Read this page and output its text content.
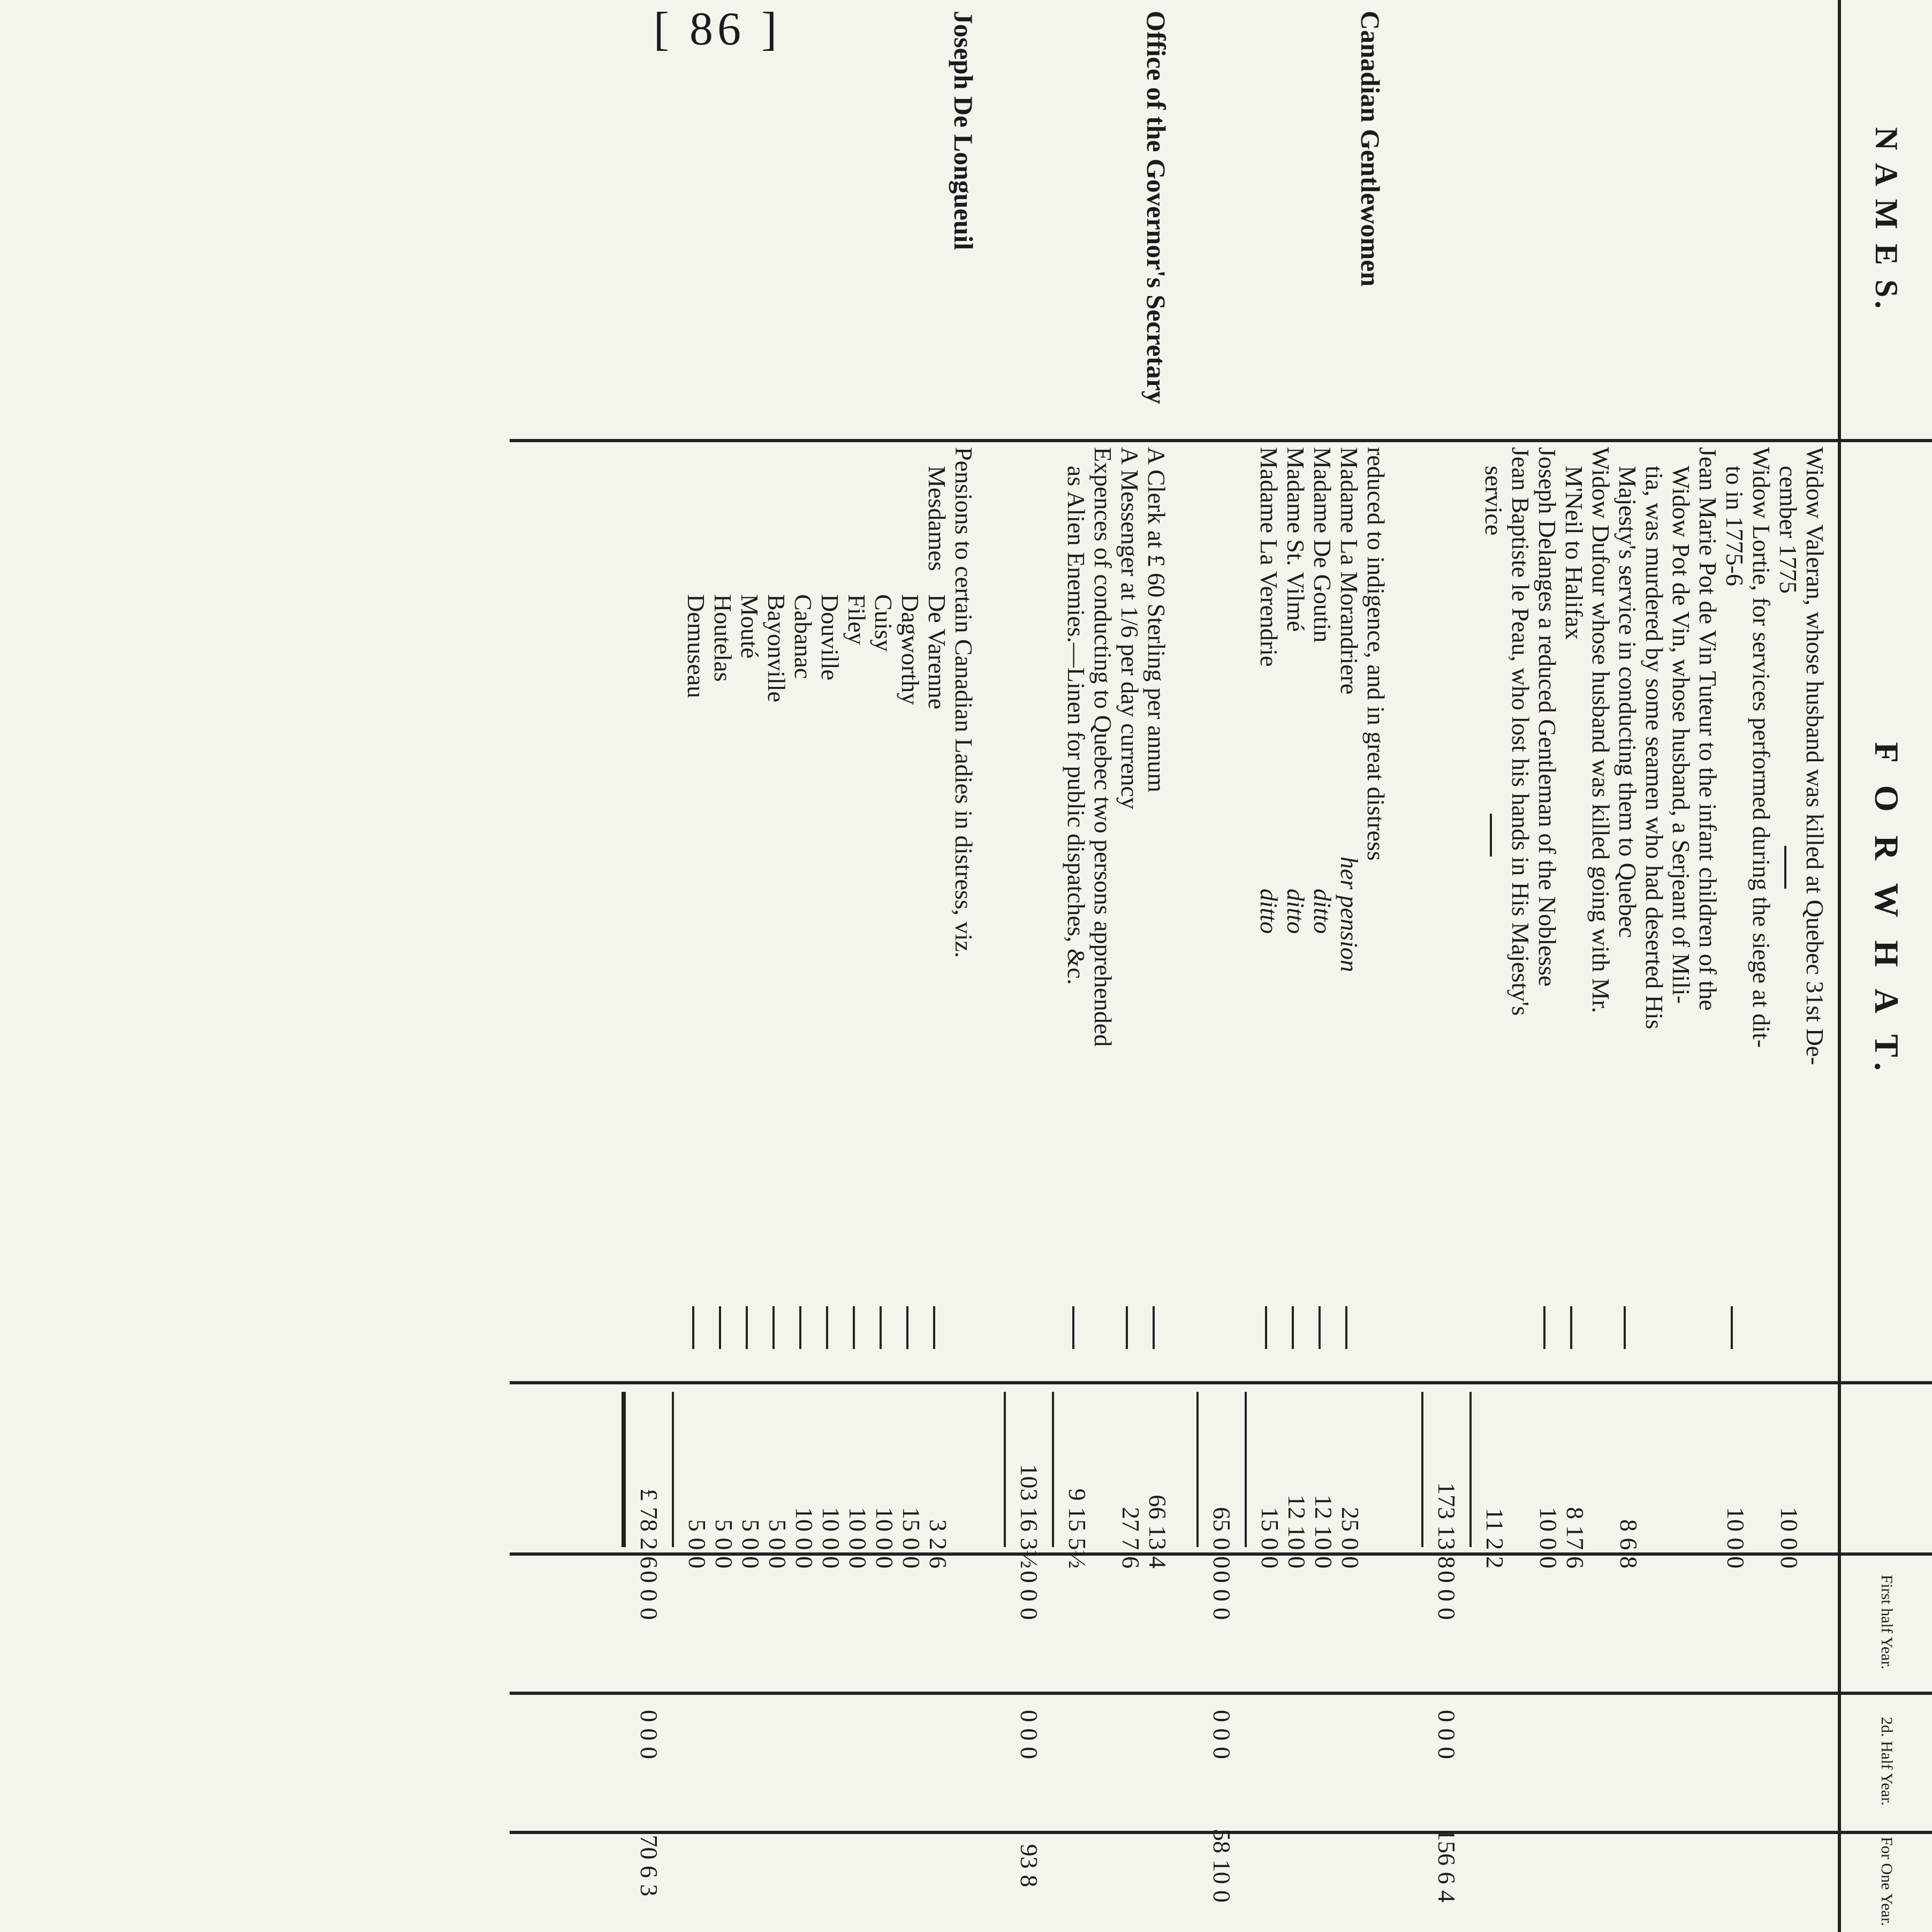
[ 86 ]
N A M E S.
F O R W H A T.
First half Year.
2d. Half Year.
For One Year.
Widow Valeran, whose husband was killed at Quebec 31st De-
cember 1775
Widow Lortie, for services performed during the siege at dit-
to in 1775-6
Jean Marie Pot de Vin Tuteur to the infant children of the
Widow Pot de Vin, whose husband, a Serjeant of Mili-
tia, was murdered by some seamen who had deserted His
Majesty's service in conducting them to Quebec
Widow Dufour whose husband was killed going with Mr.
M'Neil to Halifax
Joseph Delanges a reduced Gentleman of the Noblesse
Jean Baptiste le Peau, who lost his hands in His Majesty's
service
10 0 0
10 0 0
8 6 8
8 17 6
10 0 0
11 2 2
173 13 8
0 0 0
0 0 0
156 6 4
Canadian Gentlewomen
reduced to indigence, and in great distress
Madame La Morandriere
her pension
Madame De Goutin
ditto
Madame St. Vilmé
ditto
Madame La Verendrie
ditto
25 0 0
12 10 0
12 10 0
15 0 0
65 0 0
0 0 0
0 0 0
58 10 0
Office of the Governor's Secretary
A Clerk at £ 60 Sterling per annum
A Messenger at 1/6 per day currency
Expences of conducting to Quebec two persons apprehended
as Alien Enemies.—Linen for public dispatches, &c.
66 13 4
27 7 6
9 15 5½
103 16 3½
0 0 0
0 0 0
93 8
Joseph De Longueuil
Pensions to certain Canadian Ladies in distress, viz.
Mesdames
De Varenne
Dagworthy
Cuisy
Filey
Douville
Cabanac
Bayonville
Mouté
Houtelas
Demuseau
3 2 6
15 0 0
10 0 0
10 0 0
10 0 0
10 0 0
5 0 0
5 0 0
5 0 0
5 0 0
£ 78 2 6
0 0 0
0 0 0
70 6 3
